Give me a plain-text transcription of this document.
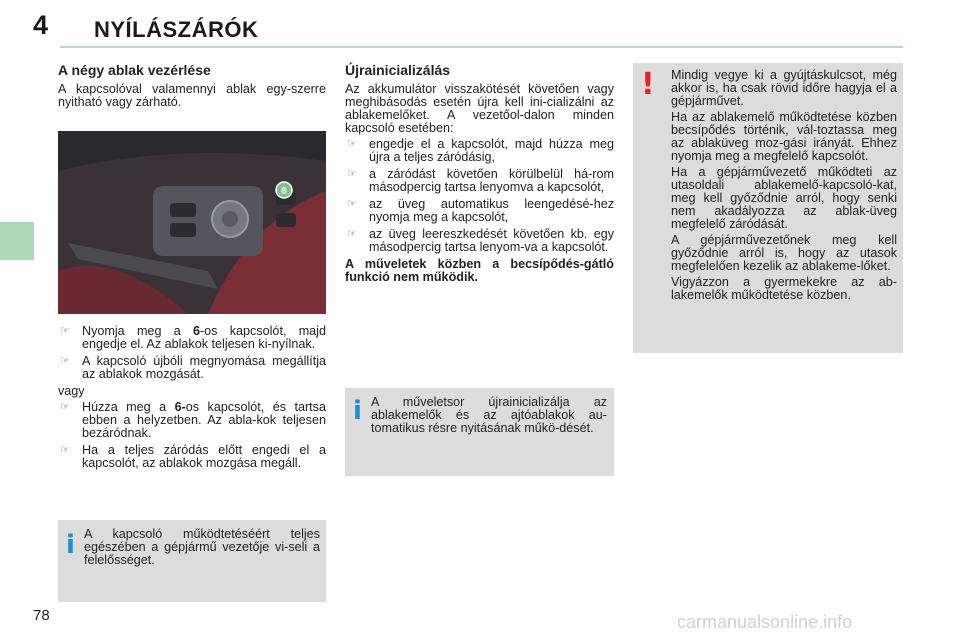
4 NYÍLÁSZÁRÓK
A négy ablak vezérlése

A kapcsolóval valamennyi ablak egy-szerre nyitható vagy zárható.

6
☞ Nyomja meg a 6-os kapcsolót, majd engedje el. Az ablakok teljesen ki-nyílnak.
☞ A kapcsoló újbóli megnyomása megállítja az ablakok mozgását.

vagy

☞ Húzza meg a 6-os kapcsolót, és tartsa ebben a helyzetben. Az abla-kok teljesen bezáródnak.
☞ Ha a teljes záródás előtt engedi el a kapcsolót, az ablakok mozgása megáll.
i A kapcsoló működtetéséért teljes egészében a gépjármű vezetője vi-seli a felelősséget.
Újrainicializálás

Az akkumulátor visszakötését követően vagy meghibásodás esetén újra kell ini-cializálni az ablakemelőket. A vezetőol-dalon minden kapcsoló esetében:

☞ engedje el a kapcsolót, majd húzza meg újra a teljes záródásig,
☞ a záródást követően körülbelül há-rom másodpercig tartsa lenyomva a kapcsolót,
☞ az üveg automatikus leengedésé-hez nyomja meg a kapcsolót,
☞ az üveg leereszkedését követően kb. egy másodpercig tartsa lenyom-va a kapcsolót.

A műveletek közben a becsípődés-gátló funkció nem működik.

i A műveletsor újrainicializálja az ablakemelők és az ajtóablakok au-tomatikus résre nyitásának műkö-dését.
! Mindig vegye ki a gyújtáskulcsot, még akkor is, ha csak rövid időre hagyja el a gépjárművet.

Ha az ablakemelő működtetése közben becsípődés történik, vál-toztassa meg az ablaküveg moz-gási irányát. Ehhez nyomja meg a megfelelő kapcsolót.

Ha a gépjárművezető működteti az utasoldali ablakemelő-kapcsoló-kat, meg kell győződnie arról, hogy senki nem akadályozza az ablak-üveg megfelelő záródását.

A gépjárművezetőnek meg kell győződnie arról is, hogy az utasok megfelelően kezelik az ablakeme-lőket.

Vigyázzon a gyermekekre az ab-lakemelők működtetése közben.

78	carmanualsonline.info
